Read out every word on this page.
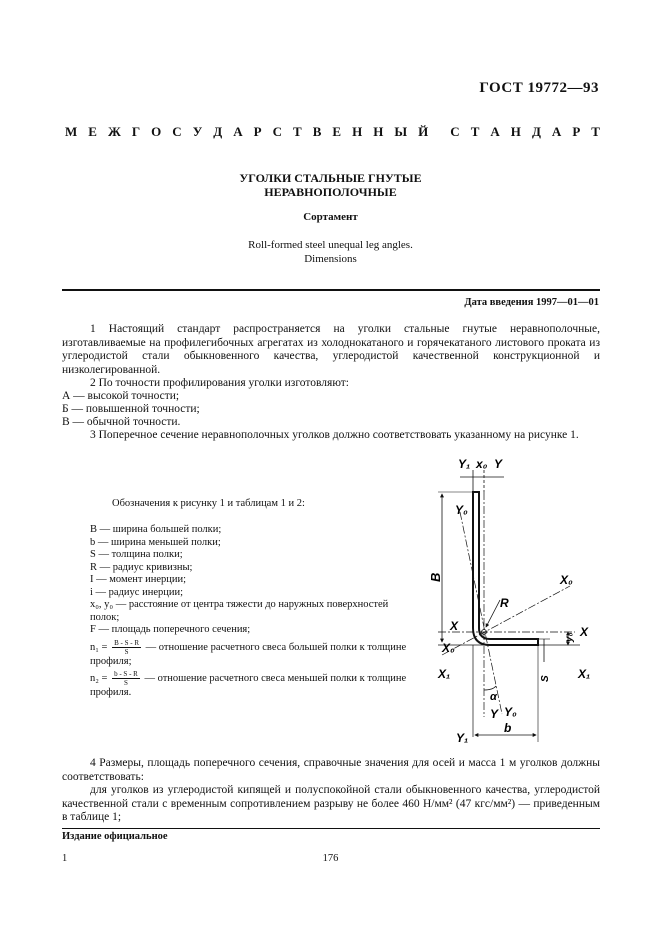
ГОСТ 19772—93
М Е Ж Г О С У Д А Р С Т В Е Н Н Ы Й С Т А Н Д А Р Т
УГОЛКИ СТАЛЬНЫЕ ГНУТЫЕ
НЕРАВНОПОЛОЧНЫЕ
Сортамент
Roll-formed steel unequal leg angles.
Dimensions
Дата введения 1997—01—01
1 Настоящий стандарт распространяется на уголки стальные гнутые неравнополочные, изготавливаемые на профилегибочных агрегатах из холоднокатаного и горячекатаного листового проката из углеродистой стали обыкновенного качества, углеродистой качественной конструкционной и низколегированной.
2 По точности профилирования уголки изготовляют:
А — высокой точности;
Б — повышенной точности;
В — обычной точности.
3 Поперечное сечение неравнополочных уголков должно соответствовать указанному на рисунке 1.
Обозначения к рисунку 1 и таблицам 1 и 2:
B — ширина большей полки;
b — ширина меньшей полки;
S — толщина полки;
R — радиус кривизны;
I — момент инерции;
i — радиус инерции;
x₀, y₀ — расстояние от центра тяжести до наружных поверхностей полок;
F — площадь поперечного сечения;
$n_1 = \frac{B - S - R}{S}$ — отношение расчетного свеса большей полки к толщине профиля;
$n_2 = \frac{b - S - R}{S}$ — отношение расчетного свеса меньшей полки к толщине профиля.
Y₁ x₀ Y
Y₀
B	X₀
R
X	X
X₀
y₀
X₁	X₁
S
α
Y Y₀
Y₁
b
4 Размеры, площадь поперечного сечения, справочные значения для осей и масса 1 м уголков должны соответствовать:
для уголков из углеродистой кипящей и полуспокойной стали обыкновенного качества, углеродистой качественной стали с временным сопротивлением разрыву не более 460 Н/мм² (47 кгс/мм²) — приведенным в таблице 1;
Издание официальное
1	176
